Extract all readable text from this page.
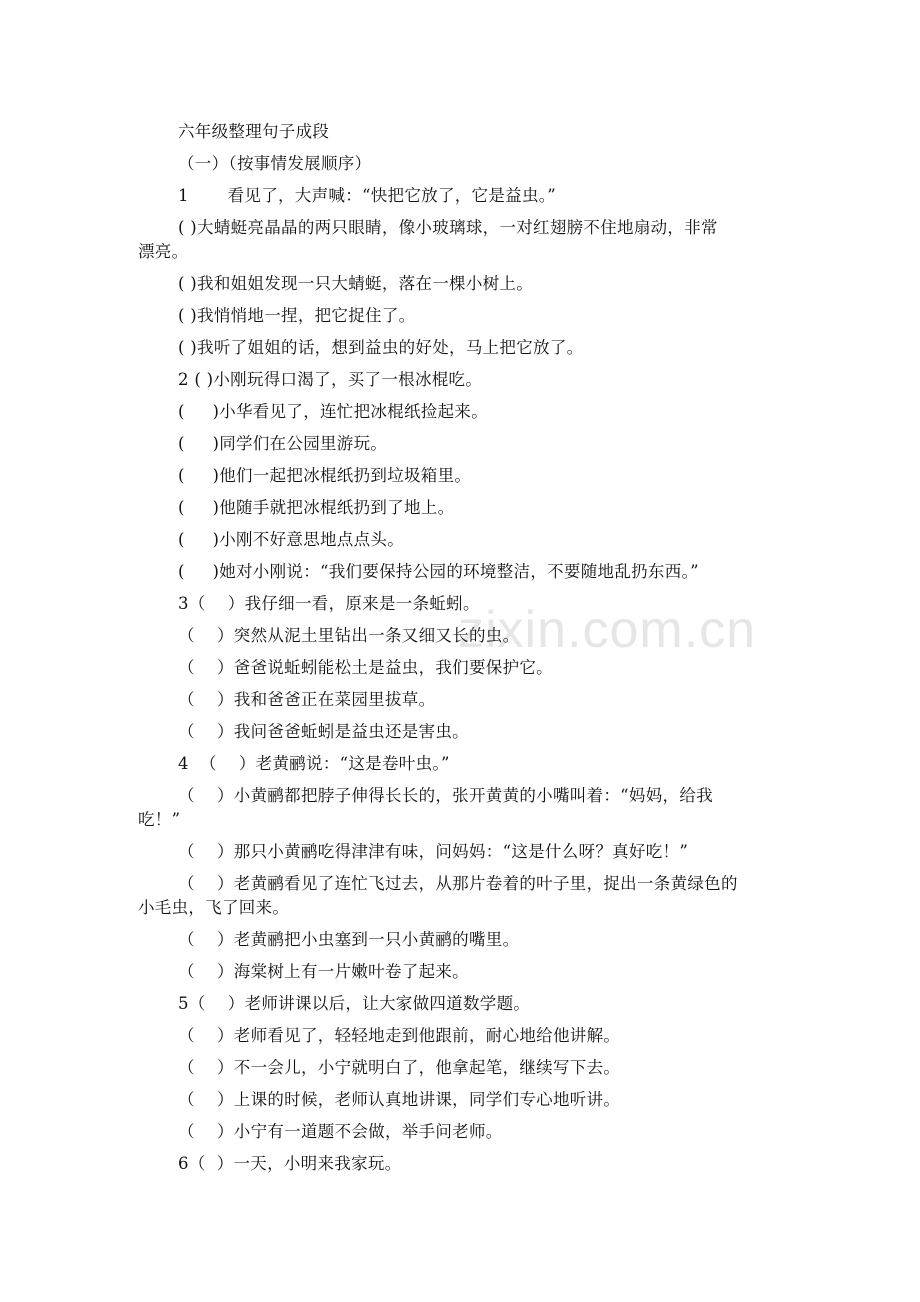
zixin.com.cn
六年级整理句子成段
（一）（按事情发展顺序）
1       看见了，大声喊：“快把它放了，它是益虫。”
( )大蜻蜓亮晶晶的两只眼睛，像小玻璃球，一对红翅膀不住地扇动，非常
漂亮。
( )我和姐姐发现一只大蜻蜓，落在一棵小树上。
( )我悄悄地一捏，把它捉住了。
( )我听了姐姐的话，想到益虫的好处，马上把它放了。
2 ( )小刚玩得口渴了，买了一根冰棍吃。
(     )小华看见了，连忙把冰棍纸捡起来。
(     )同学们在公园里游玩。
(     )他们一起把冰棍纸扔到垃圾箱里。
(     )他随手就把冰棍纸扔到了地上。
(     )小刚不好意思地点点头。
(     )她对小刚说：“我们要保持公园的环境整洁，不要随地乱扔东西。”
3（    ）我仔细一看，原来是一条蚯蚓。
（    ）突然从泥土里钻出一条又细又长的虫。
（    ）爸爸说蚯蚓能松土是益虫，我们要保护它。
（    ）我和爸爸正在菜园里拔草。
（    ）我问爸爸蚯蚓是益虫还是害虫。
4  （    ）老黄鹂说：“这是卷叶虫。”
（    ）小黄鹂都把脖子伸得长长的，张开黄黄的小嘴叫着：“妈妈，给我
吃！”
（    ）那只小黄鹂吃得津津有味，问妈妈：“这是什么呀？真好吃！”
（    ）老黄鹂看见了连忙飞过去，从那片卷着的叶子里，捉出一条黄绿色的
小毛虫，飞了回来。
（    ）老黄鹂把小虫塞到一只小黄鹂的嘴里。
（    ）海棠树上有一片嫩叶卷了起来。
5（    ）老师讲课以后，让大家做四道数学题。
（    ）老师看见了，轻轻地走到他跟前，耐心地给他讲解。
（    ）不一会儿，小宁就明白了，他拿起笔，继续写下去。
（    ）上课的时候，老师认真地讲课，同学们专心地听讲。
（    ）小宁有一道题不会做，举手问老师。
6（  ）一天，小明来我家玩。
